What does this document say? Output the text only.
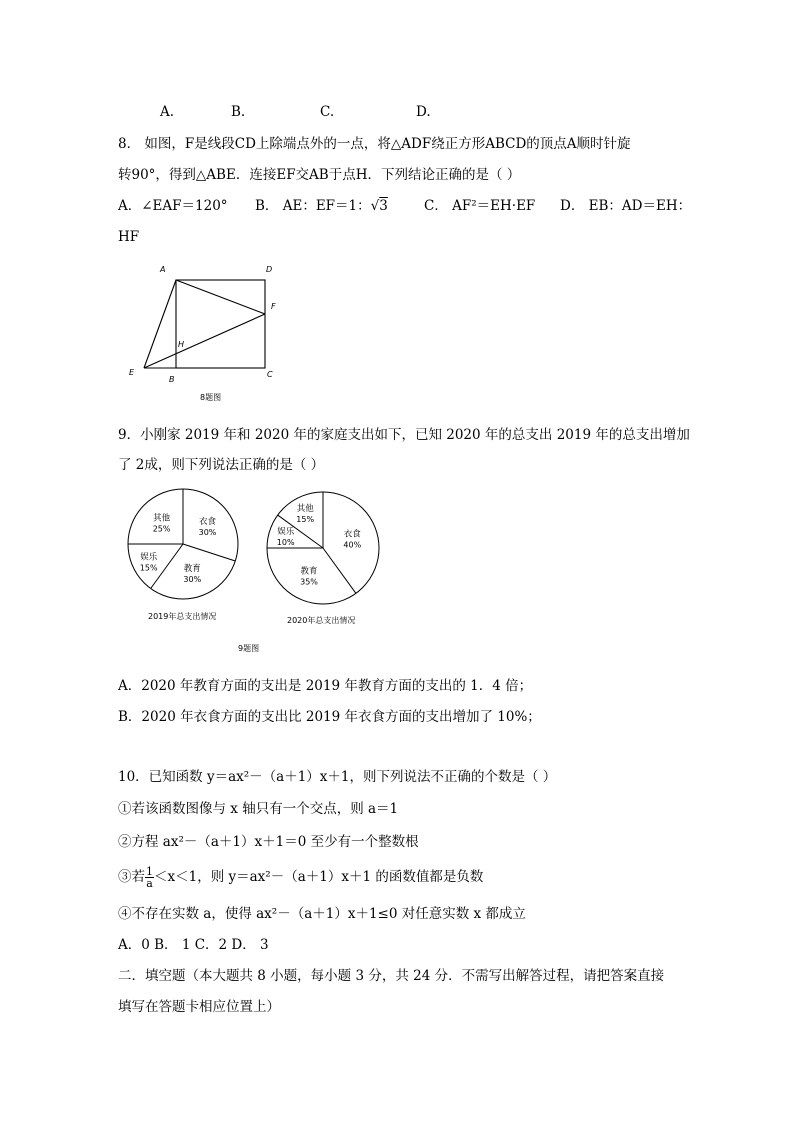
A.	B.	C.	D.
8． 如图，F是线段CD上除端点外的一点，将△ADF绕正方形ABCD的顶点A顺时针旋
转90°，得到△ABE．连接EF交AB于点H．下列结论正确的是（ ）
A．∠EAF＝120° B． AE：EF＝1：√3	C． AF²＝EH·EF D． EB：AD＝EH：
HF
A	D
F
H
E
B
C
8题图
9．小刚家 2019 年和 2020 年的家庭支出如下，已知 2020 年的总支出 2019 年的总支出增加
了 2成，则下列说法正确的是（ ）
衣食
30%
教育
30%
娱乐
15%
其他
25%
衣食
40%
教育
35%
娱乐
10%
其他
15%
2019年总支出情况	2020年总支出情况
9题图
A．2020 年教育方面的支出是 2019 年教育方面的支出的 1．4 倍；
B．2020 年衣食方面的支出比 2019 年衣食方面的支出增加了 10%；
10．已知函数 y＝ax²－（a＋1）x＋1，则下列说法不正确的个数是（ ）
①若该函数图像与 x 轴只有一个交点，则 a＝1
②方程 ax²－（a＋1）x＋1＝0 至少有一个整数根
③若 $\frac{1}{a} <x<1$，则 y＝ax²－（a＋1）x＋1 的函数值都是负数
④不存在实数 a，使得 ax²－（a＋1）x＋1≤0 对任意实数 x 都成立
A．0 B． 1 C．2 D． 3
二．填空题（本大题共 8 小题，每小题 3 分，共 24 分．不需写出解答过程，请把答案直接
填写在答题卡相应位置上）
